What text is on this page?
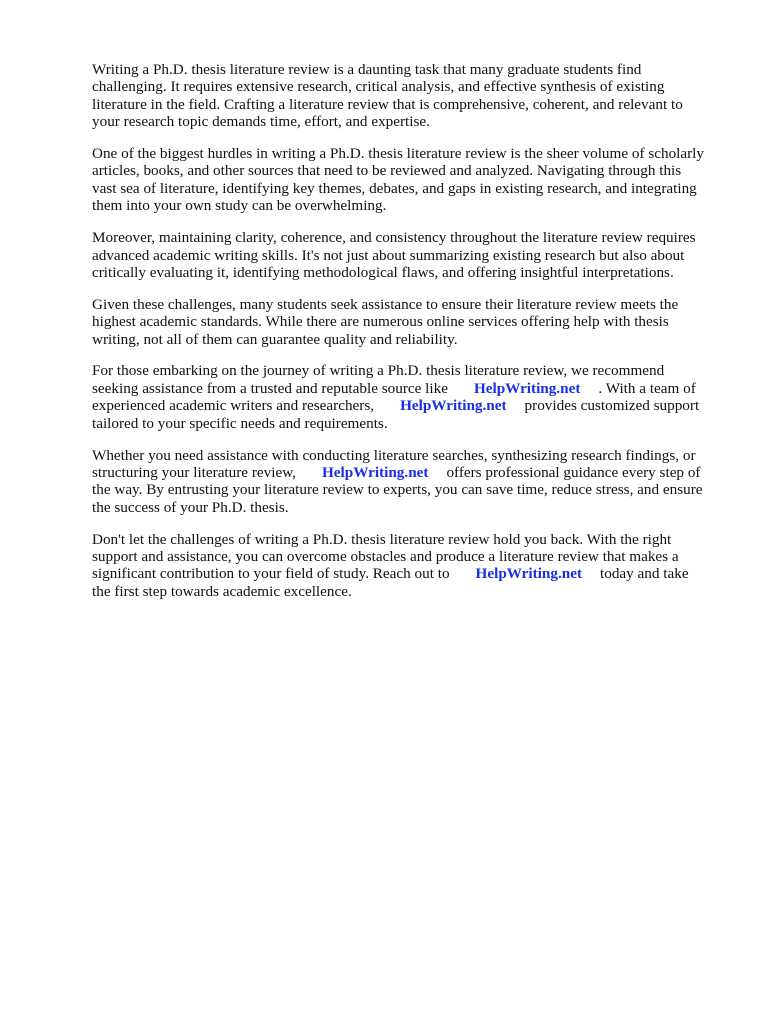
Writing a Ph.D. thesis literature review is a daunting task that many graduate students find
challenging. It requires extensive research, critical analysis, and effective synthesis of existing
literature in the field. Crafting a literature review that is comprehensive, coherent, and relevant to
your research topic demands time, effort, and expertise.

One of the biggest hurdles in writing a Ph.D. thesis literature review is the sheer volume of scholarly
articles, books, and other sources that need to be reviewed and analyzed. Navigating through this
vast sea of literature, identifying key themes, debates, and gaps in existing research, and integrating
them into your own study can be overwhelming.

Moreover, maintaining clarity, coherence, and consistency throughout the literature review requires
advanced academic writing skills. It's not just about summarizing existing research but also about
critically evaluating it, identifying methodological flaws, and offering insightful interpretations.

Given these challenges, many students seek assistance to ensure their literature review meets the
highest academic standards. While there are numerous online services offering help with thesis
writing, not all of them can guarantee quality and reliability.

For those embarking on the journey of writing a Ph.D. thesis literature review, we recommend
seeking assistance from a trusted and reputable source like HelpWriting.net . With a team of
experienced academic writers and researchers, HelpWriting.net provides customized support
tailored to your specific needs and requirements.

Whether you need assistance with conducting literature searches, synthesizing research findings, or
structuring your literature review, HelpWriting.net offers professional guidance every step of
the way. By entrusting your literature review to experts, you can save time, reduce stress, and ensure
the success of your Ph.D. thesis.

Don't let the challenges of writing a Ph.D. thesis literature review hold you back. With the right
support and assistance, you can overcome obstacles and produce a literature review that makes a
significant contribution to your field of study. Reach out to HelpWriting.net today and take
the first step towards academic excellence.
